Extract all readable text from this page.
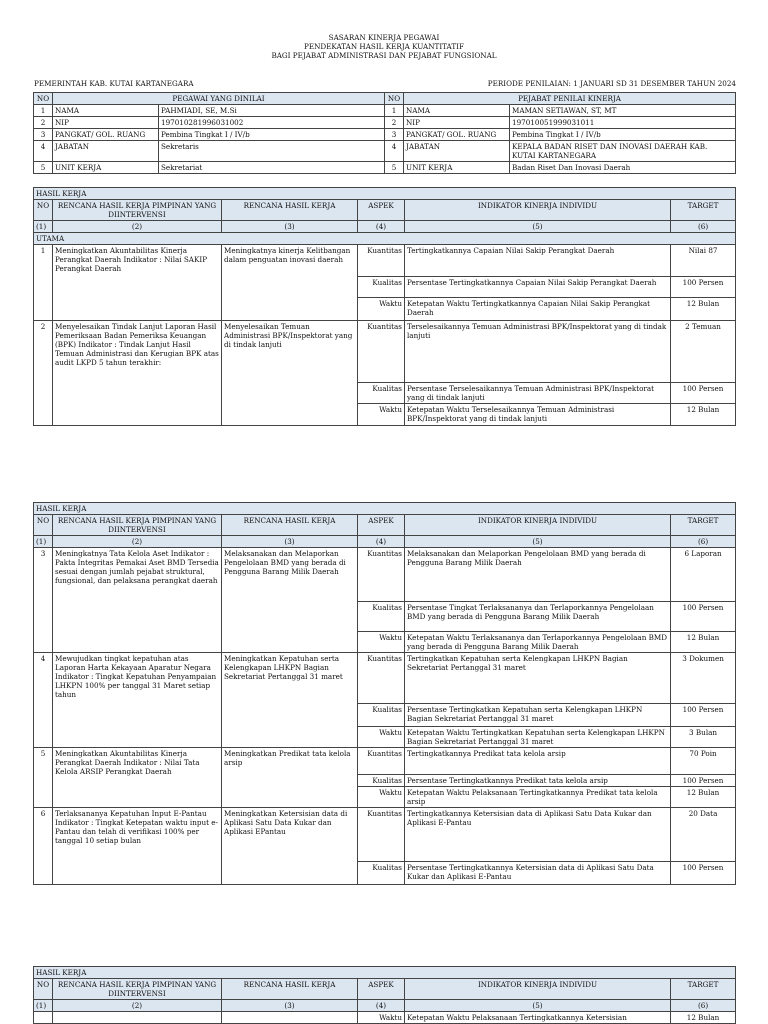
SASARAN KINERJA PEGAWAI
PENDEKATAN HASIL KERJA KUANTITATIF
BAGI PEJABAT ADMINISTRASI DAN PEJABAT FUNGSIONAL
PEMERINTAH KAB. KUTAI KARTANEGARA	PERIODE PENILAIAN: 1 JANUARI SD 31 DESEMBER TAHUN 2024
NO	PEGAWAI YANG DINILAI		NO	PEJABAT PENILAI KINERJA	
1	NAMA	PAHMIADI, SE, M.Si	1	NAMA	MAMAN SETIAWAN, ST, MT
2	NIP	197010281996031002	2	NIP	197010051999031011
3	PANGKAT/ GOL. RUANG	Pembina Tingkat I / IV/b	3	PANGKAT/ GOL. RUANG	Pembina Tingkat I / IV/b
4	JABATAN	Sekretaris	4	JABATAN	KEPALA BADAN RISET DAN INOVASI DAERAH KAB. KUTAI KARTANEGARA
5	UNIT KERJA	Sekretariat	5	UNIT KERJA	Badan Riset Dan Inovasi Daerah
HASIL KERJA					
NO	RENCANA HASIL KERJA PIMPINAN YANG DIINTERVENSI	RENCANA HASIL KERJA	ASPEK	INDIKATOR KINERJA INDIVIDU	TARGET
(1)	(2)	(3)	(4)	(5)	(6)
UTAMA					
1	Meningkatkan Akuntabilitas Kinerja Perangkat Daerah Indikator : Nilai SAKIP Perangkat Daerah	Meningkatnya kinerja Kelitbangan dalam penguatan inovasi daerah	Kuantitas	Tertingkatkannya Capaian Nilai Sakip Perangkat Daerah	Nilai 87
			Kualitas	Persentase Tertingkatkannya Capaian Nilai Sakip Perangkat Daerah	100 Persen
			Waktu	Ketepatan Waktu Tertingkatkannya Capaian Nilai Sakip Perangkat Daerah	12 Bulan
2	Menyelesaikan Tindak Lanjut Laporan Hasil Pemeriksaan Badan Pemeriksa Keuangan (BPK) Indikator : Tindak Lanjut Hasil Temuan Administrasi dan Kerugian BPK atas audit LKPD 5 tahun terakhir:	Menyelesaikan Temuan Administrasi BPK/Inspektorat yang di tindak lanjuti	Kuantitas	Terselesaikannya Temuan Administrasi BPK/Inspektorat yang di tindak lanjuti	2 Temuan
			Kualitas	Persentase Terselesaikannya Temuan Administrasi BPK/Inspektorat yang di tindak lanjuti	100 Persen
			Waktu	Ketepatan Waktu Terselesaikannya Temuan Administrasi BPK/Inspektorat yang di tindak lanjuti	12 Bulan
HASIL KERJA					
NO	RENCANA HASIL KERJA PIMPINAN YANG DIINTERVENSI	RENCANA HASIL KERJA	ASPEK	INDIKATOR KINERJA INDIVIDU	TARGET
(1)	(2)	(3)	(4)	(5)	(6)
3	Meningkatnya Tata Kelola Aset Indikator : Pakta Integritas Pemakai Aset BMD Tersedia sesuai dengan jumlah pejabat struktural, fungsional, dan pelaksana perangkat daerah	Melaksanakan dan Melaporkan Pengelolaan BMD yang berada di Pengguna Barang Milik Daerah	Kuantitas	Melaksanakan dan Melaporkan Pengelolaan BMD yang berada di Pengguna Barang Milik Daerah	6 Laporan
			Kualitas	Persentase Tingkat Terlaksananya dan Terlaporkannya Pengelolaan BMD yang berada di Pengguna Barang Milik Daerah	100 Persen
			Waktu	Ketepatan Waktu Terlaksananya dan Terlaporkannya Pengelolaan BMD yang berada di Pengguna Barang Milik Daerah	12 Bulan
4	Mewujudkan tingkat kepatuhan atas Laporan Harta Kekayaan Aparatur Negara Indikator : Tingkat Kepatuhan Penyampaian LHKPN 100% per tanggal 31 Maret setiap tahun	Meningkatkan Kepatuhan serta Kelengkapan LHKPN Bagian Sekretariat Pertanggal 31 maret	Kuantitas	Tertingkatkan Kepatuhan serta Kelengkapan LHKPN Bagian Sekretariat Pertanggal 31 maret	3 Dokumen
			Kualitas	Persentase Tertingkatkan Kepatuhan serta Kelengkapan LHKPN Bagian Sekretariat Pertanggal 31 maret	100 Persen
			Waktu	Ketepatan Waktu Tertingkatkan Kepatuhan serta Kelengkapan LHKPN Bagian Sekretariat Pertanggal 31 maret	3 Bulan
5	Meningkatkan Akuntabilitas Kinerja Perangkat Daerah Indikator : Nilai Tata Kelola ARSIP Perangkat Daerah	Meningkatkan Predikat tata kelola arsip	Kuantitas	Tertingkatkannya Predikat tata kelola arsip	70 Poin
			Kualitas	Persentase Tertingkatkannya Predikat tata kelola arsip	100 Persen
			Waktu	Ketepatan Waktu Pelaksanaan Tertingkatkannya Predikat tata kelola arsip	12 Bulan
6	Terlaksananya Kepatuhan Input E-Pantau Indikator : Tingkat Ketepatan waktu input e-Pantau dan telah di verifikasi 100% per tanggal 10 setiap bulan	Meningkatkan Ketersisian data di Aplikasi Satu Data Kukar dan Aplikasi EPantau	Kuantitas	Tertingkatkannya Ketersisian data di Aplikasi Satu Data Kukar dan Aplikasi E-Pantau	20 Data
			Kualitas	Persentase Tertingkatkannya Ketersisian data di Aplikasi Satu Data Kukar dan Aplikasi E-Pantau	100 Persen
HASIL KERJA					
NO	RENCANA HASIL KERJA PIMPINAN YANG DIINTERVENSI	RENCANA HASIL KERJA	ASPEK	INDIKATOR KINERJA INDIVIDU	TARGET
(1)	(2)	(3)	(4)	(5)	(6)
			Waktu	Ketepatan Waktu Pelaksanaan Tertingkatkannya Ketersisian	12 Bulan
